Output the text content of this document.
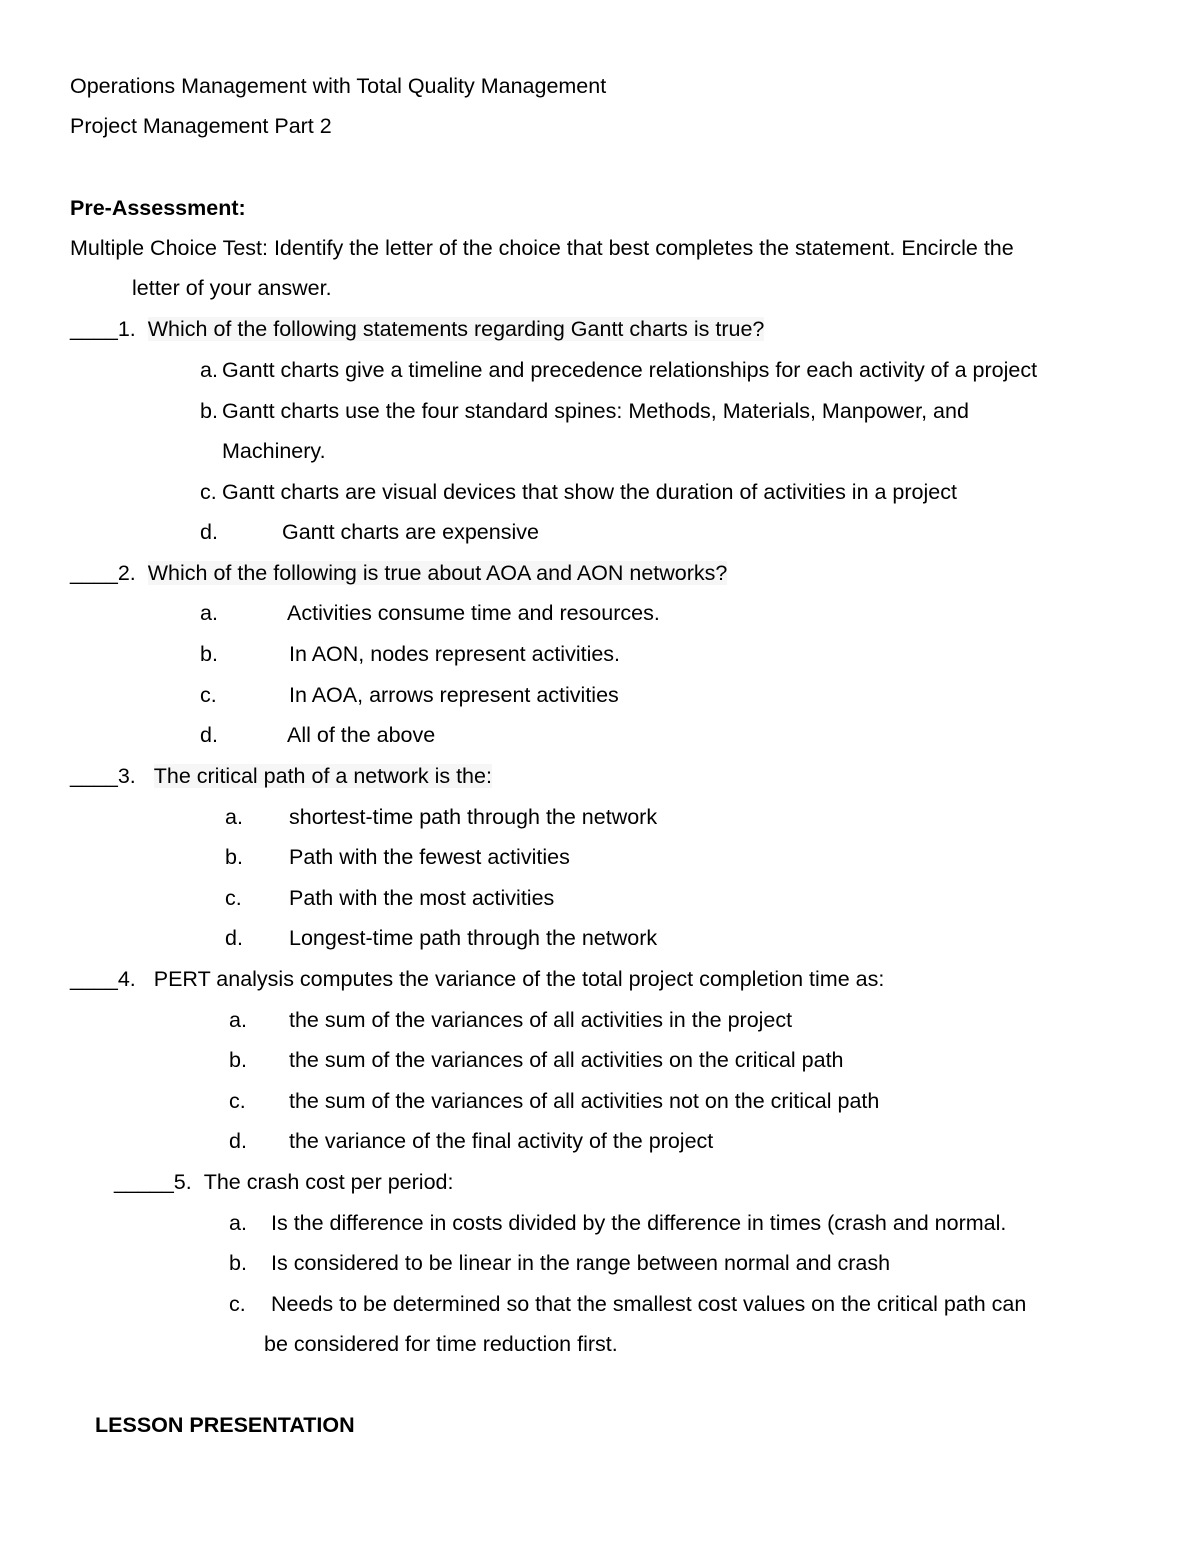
Operations Management with Total Quality Management
Project Management Part 2
Pre-Assessment:
Multiple Choice Test: Identify the letter of the choice that best completes the statement. Encircle the
letter of your answer.
____1. Which of the following statements regarding Gantt charts is true?
a. Gantt charts give a timeline and precedence relationships for each activity of a project
b. Gantt charts use the four standard spines: Methods, Materials, Manpower, and
Machinery.
c. Gantt charts are visual devices that show the duration of activities in a project
d.	Gantt charts are expensive
____2. Which of the following is true about AOA and AON networks?
a.	Activities consume time and resources.
b.	In AON, nodes represent activities.
c.	In AOA, arrows represent activities
d.	All of the above
____3. The critical path of a network is the:
a. shortest-time path through the network
b. Path with the fewest activities
c. Path with the most activities
d. Longest-time path through the network
____4. PERT analysis computes the variance of the total project completion time as:
a. the sum of the variances of all activities in the project
b. the sum of the variances of all activities on the critical path
c. the sum of the variances of all activities not on the critical path
d. the variance of the final activity of the project
_____5. The crash cost per period:
a. Is the difference in costs divided by the difference in times (crash and normal.
b. Is considered to be linear in the range between normal and crash
c. Needs to be determined so that the smallest cost values on the critical path can
be considered for time reduction first.
LESSON PRESENTATION
